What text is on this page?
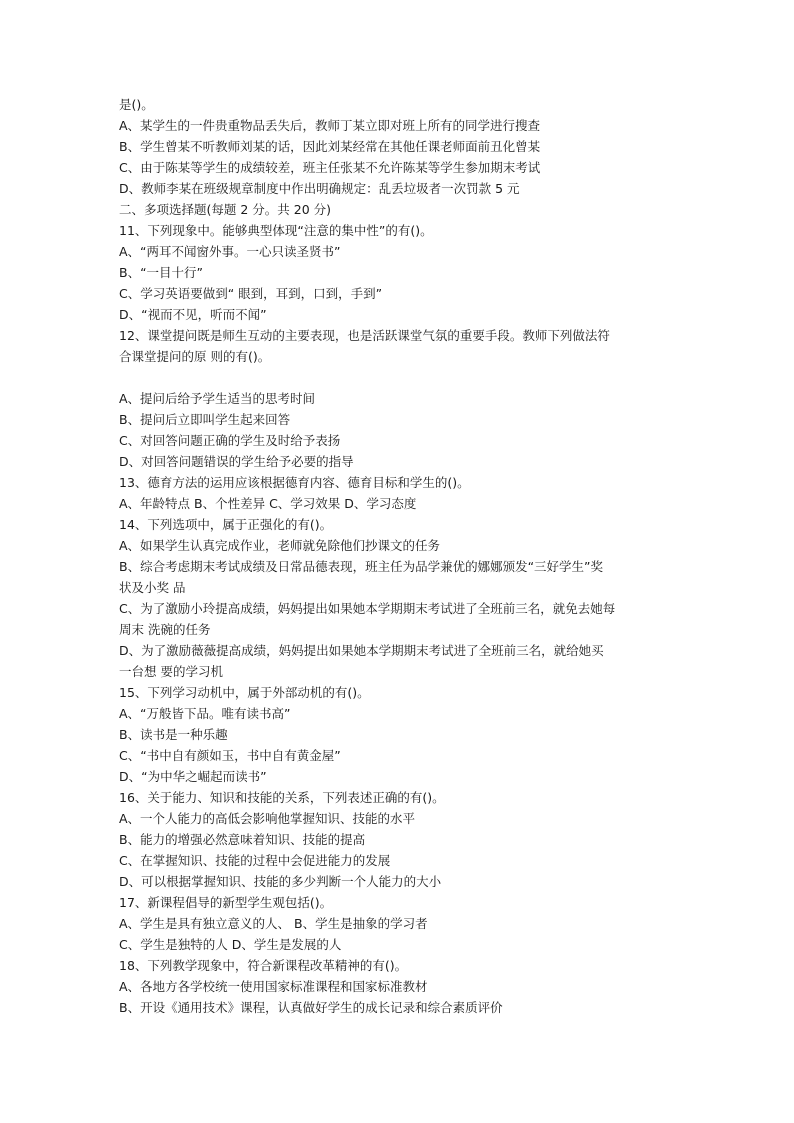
是()。
A、某学生的一件贵重物品丢失后，教师丁某立即对班上所有的同学进行搜查
B、学生曾某不听教师刘某的话，因此刘某经常在其他任课老师面前丑化曾某
C、由于陈某等学生的成绩较差，班主任张某不允许陈某等学生参加期末考试
D、教师李某在班级规章制度中作出明确规定：乱丢垃圾者一次罚款 5 元
二、多项选择题(每题 2 分。共 20 分)
11、下列现象中。能够典型体现“注意的集中性”的有()。
A、“两耳不闻窗外事。一心只读圣贤书”
B、“一目十行”
C、学习英语要做到“ 眼到，耳到，口到，手到”
D、“视而不见，听而不闻”
12、课堂提问既是师生互动的主要表现，也是活跃课堂气氛的重要手段。教师下列做法符
合课堂提问的原 则的有()。
A、提问后给予学生适当的思考时间
B、提问后立即叫学生起来回答
C、对回答问题正确的学生及时给予表扬
D、对回答问题错误的学生给予必要的指导
13、德育方法的运用应该根据德育内容、德育目标和学生的()。
A、年龄特点 B、个性差异 C、学习效果 D、学习态度
14、下列选项中，属于正强化的有()。
A、如果学生认真完成作业，老师就免除他们抄课文的任务
B、综合考虑期末考试成绩及日常品德表现，班主任为品学兼优的娜娜颁发“三好学生”奖
状及小奖 品
C、为了激励小玲提高成绩，妈妈提出如果她本学期期末考试进了全班前三名，就免去她每
周末 洗碗的任务
D、为了激励薇薇提高成绩，妈妈提出如果她本学期期末考试进了全班前三名，就给她买
一台想 要的学习机
15、下列学习动机中，属于外部动机的有()。
A、“万般皆下品。唯有读书高”
B、读书是一种乐趣
C、“书中自有颜如玉，书中自有黄金屋”
D、“为中华之崛起而读书”
16、关于能力、知识和技能的关系，下列表述正确的有()。
A、一个人能力的高低会影响他掌握知识、技能的水平
B、能力的增强必然意味着知识、技能的提高
C、在掌握知识、技能的过程中会促进能力的发展
D、可以根据掌握知识、技能的多少判断一个人能力的大小
17、新课程倡导的新型学生观包括()。
A、学生是具有独立意义的人、 B、学生是抽象的学习者
C、学生是独特的人 D、学生是发展的人
18、下列教学现象中，符合新课程改革精神的有()。
A、各地方各学校统一使用国家标准课程和国家标准教材
B、开设《通用技术》课程，认真做好学生的成长记录和综合素质评价
